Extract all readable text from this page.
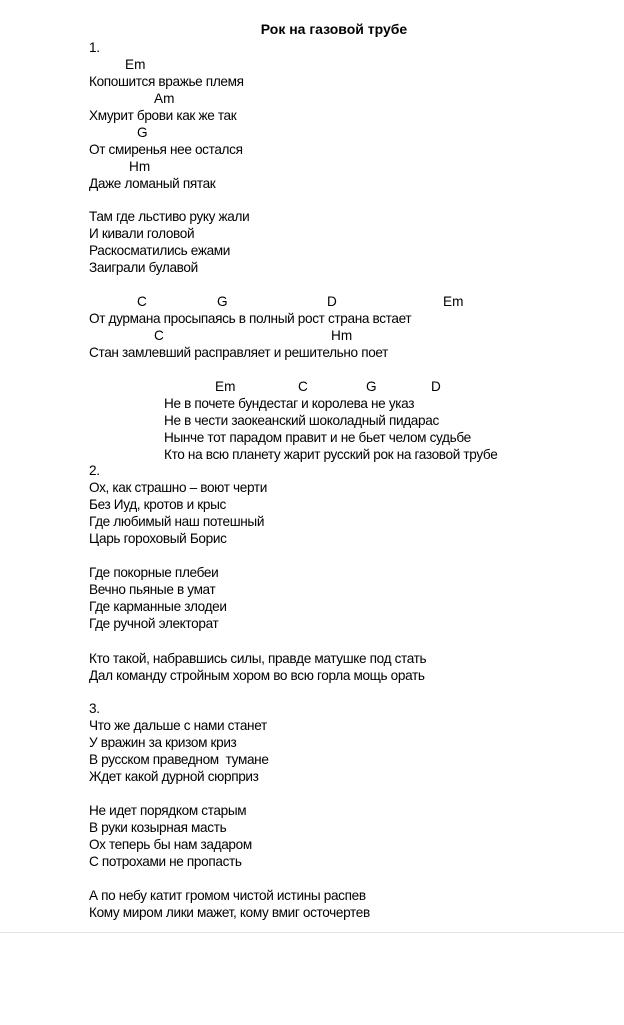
Рок на газовой трубе
1.
Em
Копошится вражье племя
Am
Хмурит брови как же так
G
От смиренья нее остался
Hm
Даже ломаный пятак
Там где льстиво руку жали
И кивали головой
Раскосматились ежами
Заиграли булавой
C	G	D	Em
От дурмана просыпаясь в полный рост страна встает
C	Hm
Стан замлевший расправляет и решительно поет
Em	C	G	D
Не в почете бундестаг и королева не указ
Не в чести заокеанский шоколадный пидарас
Нынче тот парадом правит и не бьет челом судьбе
Кто на всю планету жарит русский рок на газовой трубе
2.
Ох, как страшно – воют черти
Без Иуд, кротов и крыс
Где любимый наш потешный
Царь гороховый Борис
Где покорные плебеи
Вечно пьяные в умат
Где карманные злодеи
Где ручной электорат
Кто такой, набравшись силы, правде матушке под стать
Дал команду стройным хором во всю горла мощь орать
3.
Что же дальше с нами станет
У вражин за кризом криз
В русском праведном  тумане
Ждет какой дурной сюрприз
Не идет порядком старым
В руки козырная масть
Ох теперь бы нам задаром
С потрохами не пропасть
А по небу катит громом чистой истины распев
Кому миром лики мажет, кому вмиг осточертев
